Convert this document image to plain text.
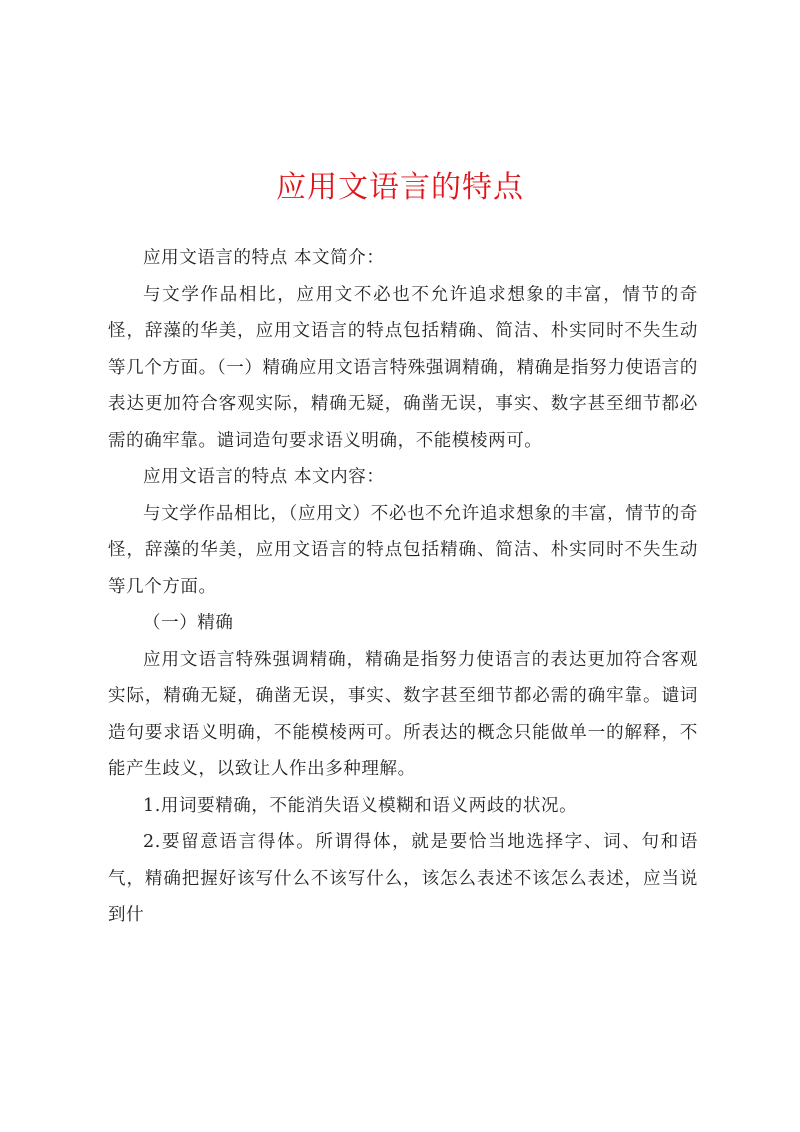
应用文语言的特点

应用文语言的特点 本文简介：

与文学作品相比，应用文不必也不允许追求想象的丰富，情节的奇怪，辞藻的华美，应用文语言的特点包括精确、简洁、朴实同时不失生动等几个方面。（一）精确应用文语言特殊强调精确，精确是指努力使语言的表达更加符合客观实际，精确无疑，确凿无误，事实、数字甚至细节都必需的确牢靠。谴词造句要求语义明确，不能模棱两可。

应用文语言的特点 本文内容：

与文学作品相比，（应用文）不必也不允许追求想象的丰富，情节的奇怪，辞藻的华美，应用文语言的特点包括精确、简洁、朴实同时不失生动等几个方面。

（一）精确

应用文语言特殊强调精确，精确是指努力使语言的表达更加符合客观实际，精确无疑，确凿无误，事实、数字甚至细节都必需的确牢靠。谴词造句要求语义明确，不能模棱两可。所表达的概念只能做单一的解释，不能产生歧义，以致让人作出多种理解。

1.用词要精确，不能消失语义模糊和语义两歧的状况。

2.要留意语言得体。所谓得体，就是要恰当地选择字、词、句和语气，精确把握好该写什么不该写什么，该怎么表述不该怎么表述，应当说到什
